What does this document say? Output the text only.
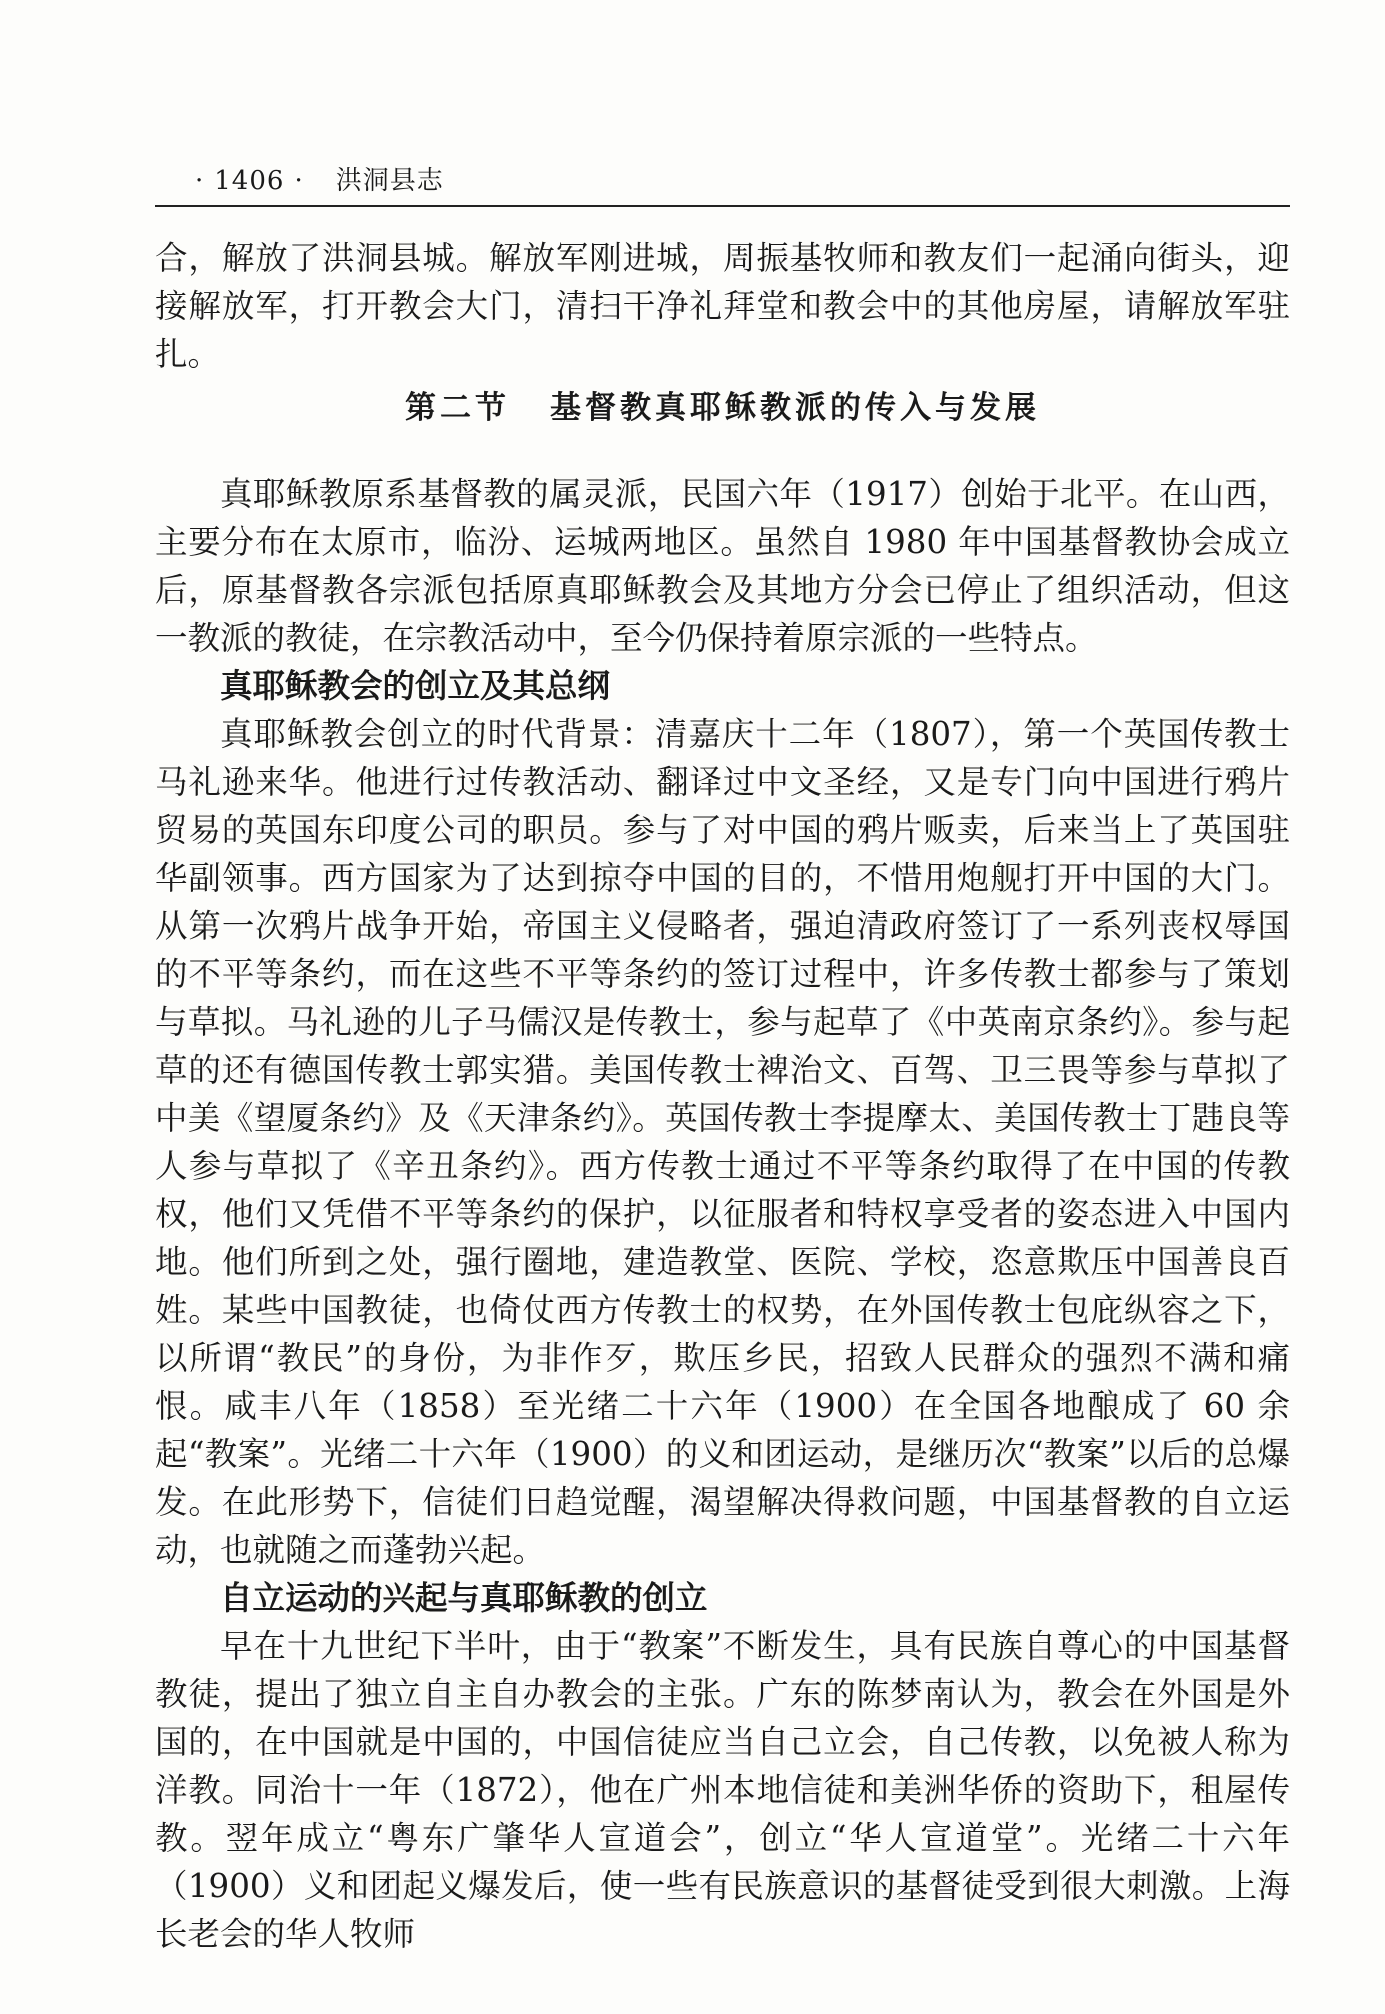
· 1406 · 洪洞县志

合，解放了洪洞县城。解放军刚进城，周振基牧师和教友们一起涌向街头，迎接解放军，打开教会大门，清扫干净礼拜堂和教会中的其他房屋，请解放军驻扎。

第二节 基督教真耶稣教派的传入与发展

真耶稣教原系基督教的属灵派，民国六年（1917）创始于北平。在山西，主要分布在太原市，临汾、运城两地区。虽然自 1980 年中国基督教协会成立后，原基督教各宗派包括原真耶稣教会及其地方分会已停止了组织活动，但这一教派的教徒，在宗教活动中，至今仍保持着原宗派的一些特点。

真耶稣教会的创立及其总纲

真耶稣教会创立的时代背景：清嘉庆十二年（1807），第一个英国传教士马礼逊来华。他进行过传教活动、翻译过中文圣经，又是专门向中国进行鸦片贸易的英国东印度公司的职员。参与了对中国的鸦片贩卖，后来当上了英国驻华副领事。西方国家为了达到掠夺中国的目的，不惜用炮舰打开中国的大门。从第一次鸦片战争开始，帝国主义侵略者，强迫清政府签订了一系列丧权辱国的不平等条约，而在这些不平等条约的签订过程中，许多传教士都参与了策划与草拟。马礼逊的儿子马儒汉是传教士，参与起草了《中英南京条约》。参与起草的还有德国传教士郭实猎。美国传教士裨治文、百驾、卫三畏等参与草拟了中美《望厦条约》及《天津条约》。英国传教士李提摩太、美国传教士丁韪良等人参与草拟了《辛丑条约》。西方传教士通过不平等条约取得了在中国的传教权，他们又凭借不平等条约的保护，以征服者和特权享受者的姿态进入中国内地。他们所到之处，强行圈地，建造教堂、医院、学校，恣意欺压中国善良百姓。某些中国教徒，也倚仗西方传教士的权势，在外国传教士包庇纵容之下，以所谓“教民”的身份，为非作歹，欺压乡民，招致人民群众的强烈不满和痛恨。咸丰八年（1858）至光绪二十六年（1900）在全国各地酿成了 60 余起“教案”。光绪二十六年（1900）的义和团运动，是继历次“教案”以后的总爆发。在此形势下，信徒们日趋觉醒，渴望解决得救问题，中国基督教的自立运动，也就随之而蓬勃兴起。

自立运动的兴起与真耶稣教的创立

早在十九世纪下半叶，由于“教案”不断发生，具有民族自尊心的中国基督教徒，提出了独立自主自办教会的主张。广东的陈梦南认为，教会在外国是外国的，在中国就是中国的，中国信徒应当自己立会，自己传教，以免被人称为洋教。同治十一年（1872），他在广州本地信徒和美洲华侨的资助下，租屋传教。翌年成立“粤东广肇华人宣道会”，创立“华人宣道堂”。光绪二十六年（1900）义和团起义爆发后，使一些有民族意识的基督徒受到很大刺激。上海长老会的华人牧师
